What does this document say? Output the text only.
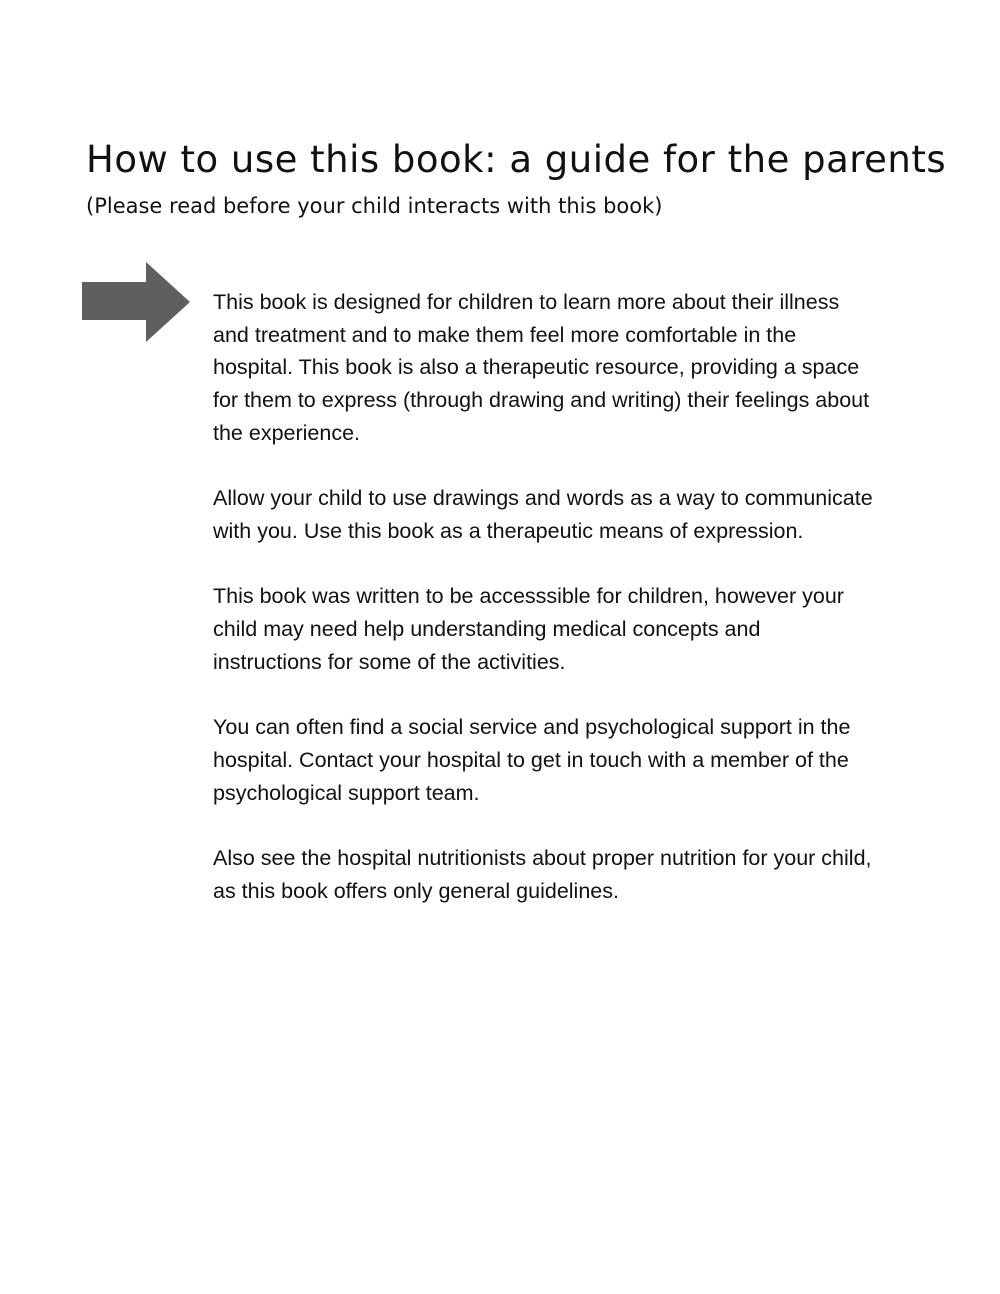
How to use this book: a guide for the parents
(Please read before your child interacts with this book)

This book is designed for children to learn more about their illness and treatment and to make them feel more comfortable in the hospital. This book is also a therapeutic resource, providing a space for them to express (through drawing and writing) their feelings about the experience.

Allow your child to use drawings and words as a way to communicate with you. Use this book as a therapeutic means of expression.

This book was written to be accesssible for children, however your child may need help understanding medical concepts and instructions for some of the activities.

You can often find a social service and psychological support in the hospital. Contact your hospital to get in touch with a member of the psychological support team.

Also see the hospital nutritionists about proper nutrition for your child, as this book offers only general guidelines.
